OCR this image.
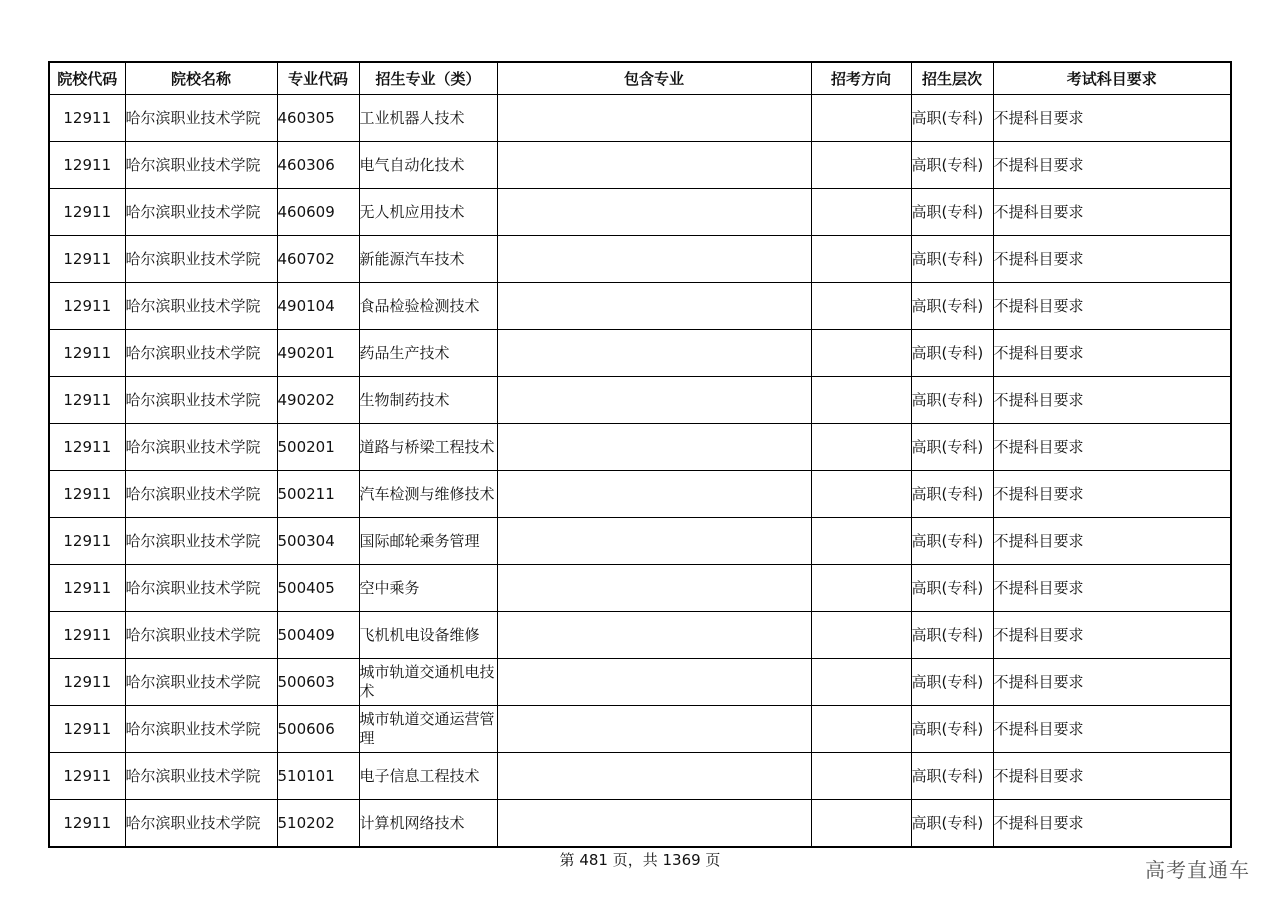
院校代码	院校名称	专业代码	招生专业（类）	包含专业	招考方向	招生层次	考试科目要求
12911	哈尔滨职业技术学院	460305	工业机器人技术			高职(专科)	不提科目要求
12911	哈尔滨职业技术学院	460306	电气自动化技术			高职(专科)	不提科目要求
12911	哈尔滨职业技术学院	460609	无人机应用技术			高职(专科)	不提科目要求
12911	哈尔滨职业技术学院	460702	新能源汽车技术			高职(专科)	不提科目要求
12911	哈尔滨职业技术学院	490104	食品检验检测技术			高职(专科)	不提科目要求
12911	哈尔滨职业技术学院	490201	药品生产技术			高职(专科)	不提科目要求
12911	哈尔滨职业技术学院	490202	生物制药技术			高职(专科)	不提科目要求
12911	哈尔滨职业技术学院	500201	道路与桥梁工程技术			高职(专科)	不提科目要求
12911	哈尔滨职业技术学院	500211	汽车检测与维修技术			高职(专科)	不提科目要求
12911	哈尔滨职业技术学院	500304	国际邮轮乘务管理			高职(专科)	不提科目要求
12911	哈尔滨职业技术学院	500405	空中乘务			高职(专科)	不提科目要求
12911	哈尔滨职业技术学院	500409	飞机机电设备维修			高职(专科)	不提科目要求
12911	哈尔滨职业技术学院	500603	城市轨道交通机电技术			高职(专科)	不提科目要求
12911	哈尔滨职业技术学院	500606	城市轨道交通运营管理			高职(专科)	不提科目要求
12911	哈尔滨职业技术学院	510101	电子信息工程技术			高职(专科)	不提科目要求
12911	哈尔滨职业技术学院	510202	计算机网络技术			高职(专科)	不提科目要求
第 481 页，共 1369 页	高考直通车
